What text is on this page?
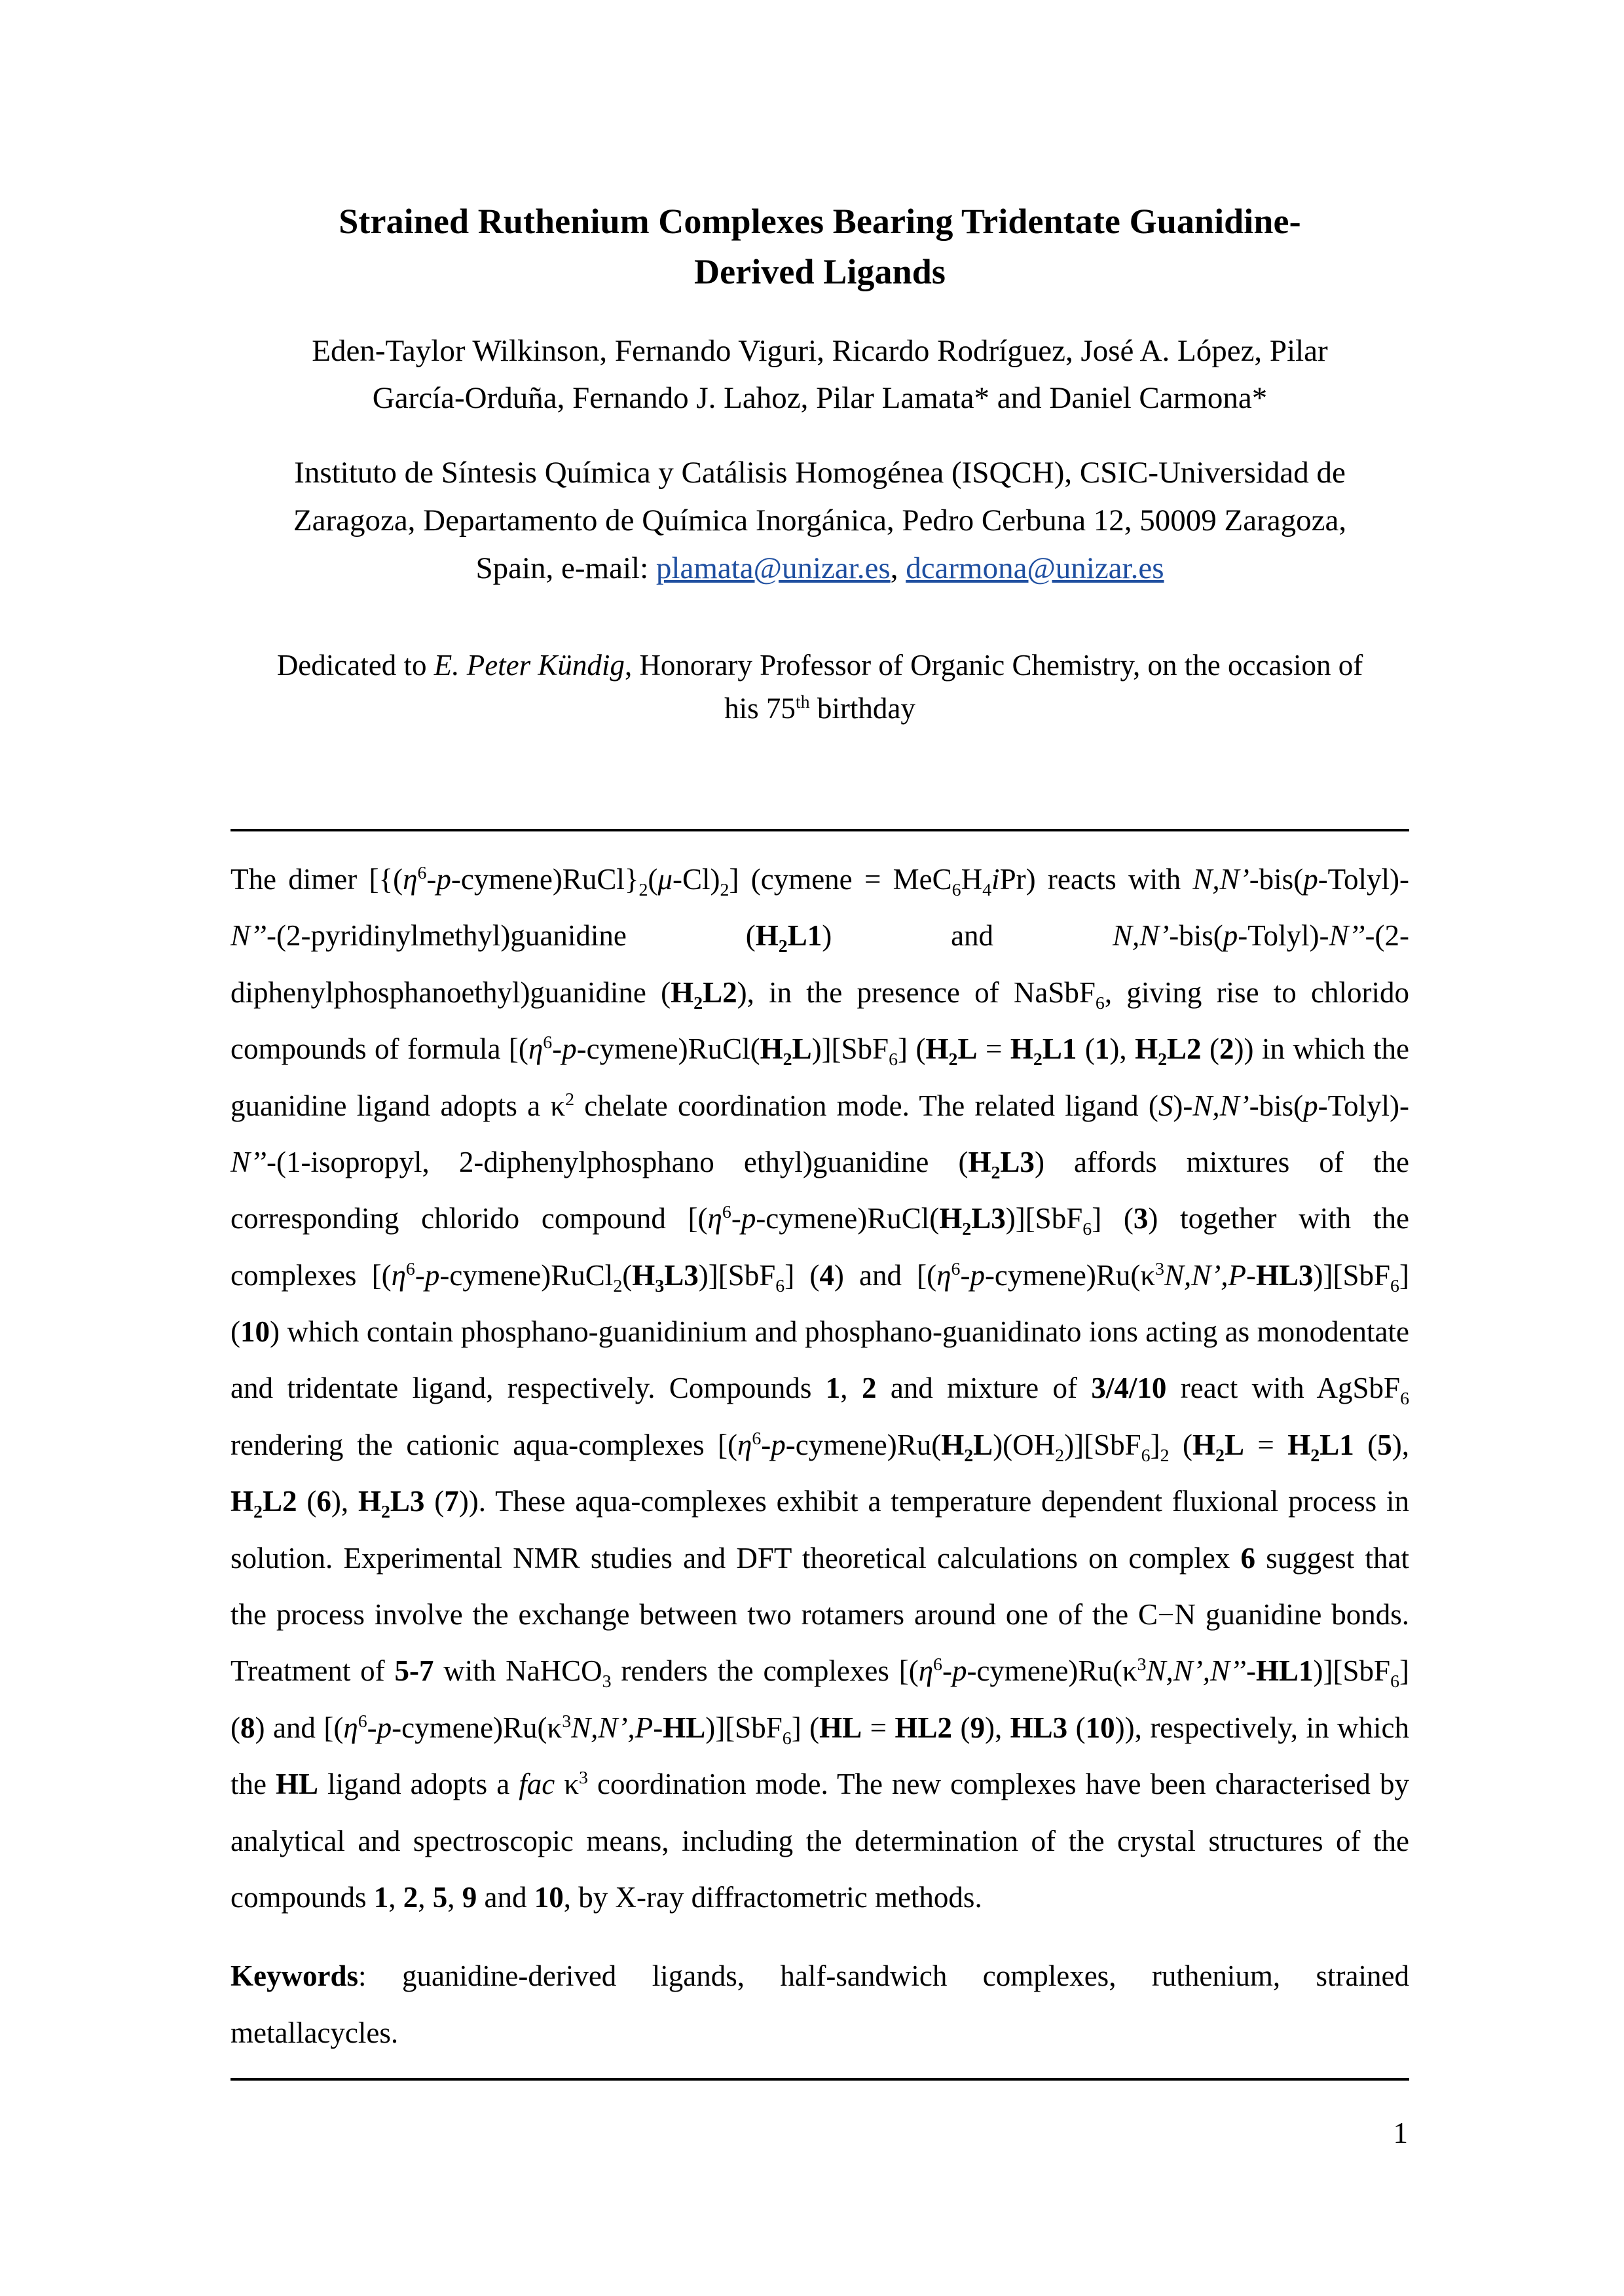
Strained Ruthenium Complexes Bearing Tridentate Guanidine-
Derived Ligands
Eden-Taylor Wilkinson, Fernando Viguri, Ricardo Rodríguez, José A. López, Pilar
García-Orduña, Fernando J. Lahoz, Pilar Lamata* and Daniel Carmona*
Instituto de Síntesis Química y Catálisis Homogénea (ISQCH), CSIC-Universidad de
Zaragoza, Departamento de Química Inorgánica, Pedro Cerbuna 12, 50009 Zaragoza,
Spain, e-mail: plamata@unizar.es, dcarmona@unizar.es
Dedicated to E. Peter Kündig, Honorary Professor of Organic Chemistry, on the occasion of his 75th birthday

The dimer $[\{(\eta^6-p-cymene)RuCl\}_2(\mu-Cl)_2]$ (cymene = $MeC_6H_4iPr$) reacts with N,N’-bis(p-Tolyl)-N’’-(2-pyridinylmethyl)guanidine $(H_2L1)$ and N,N’-bis(p-Tolyl)-N’’-(2-diphenylphosphanoethyl)guanidine $(H_2L2)$, in the presence of NaSbF$_6$, giving rise to chlorido compounds of formula $[(\eta^6-p-cymene)RuCl(H_2L)][SbF_6] (H_2L = H_2L1$ (1), $H_2L2$ (2)) in which the guanidine ligand adopts a $\kappa^2$ chelate coordination mode. The related ligand (S)-N,N’-bis(p-Tolyl)-N’’-(1-isopropyl, 2-diphenylphosphano ethyl)guanidine $(H_2L3)$ affords mixtures of the corresponding chlorido compound $[(\eta^6-p-cymene)RuCl(H_2L3)][SbF_6]$ (3) together with the complexes $[(\eta^6-p-cymene)RuCl_2(H_3L3)][SbF_6]$ (4) and $[(\eta^6-p-cymene)Ru(\kappa^3N,N’,P-HL3)][SbF_6]$ (10) which contain phosphano-guanidinium and phosphano-guanidinato ions acting as monodentate and tridentate ligand, respectively. Compounds 1, 2 and mixture of 3/4/10 react with AgSbF$_6$ rendering the cationic aqua-complexes $[(\eta^6-p-cymene)Ru(H_2L)(OH_2)][SbF_6]_2$ ($H_2L = H_2L1$ (5), $H_2L2$ (6), $H_2L3$ (7)). These aqua-complexes exhibit a temperature dependent fluxional process in solution. Experimental NMR studies and DFT theoretical calculations on complex 6 suggest that the process involve the exchange between two rotamers around one of the C−N guanidine bonds. Treatment of 5-7 with NaHCO$_3$ renders the complexes $[(\eta^6-p-cymene)Ru(\kappa^3N,N’,N’’-HL1)][SbF_6]$ (8) and $[(\eta^6-p-cymene)Ru(\kappa^3N,N’,P-HL)][SbF_6] (HL = HL2$ (9), HL3 (10)), respectively, in which the HL ligand adopts a fac $\kappa^3$ coordination mode. The new complexes have been characterised by analytical and spectroscopic means, including the determination of the crystal structures of the compounds 1, 2, 5, 9 and 10, by X-ray diffractometric methods.

Keywords: guanidine-derived ligands, half-sandwich complexes, ruthenium, strained metallacycles.
1
